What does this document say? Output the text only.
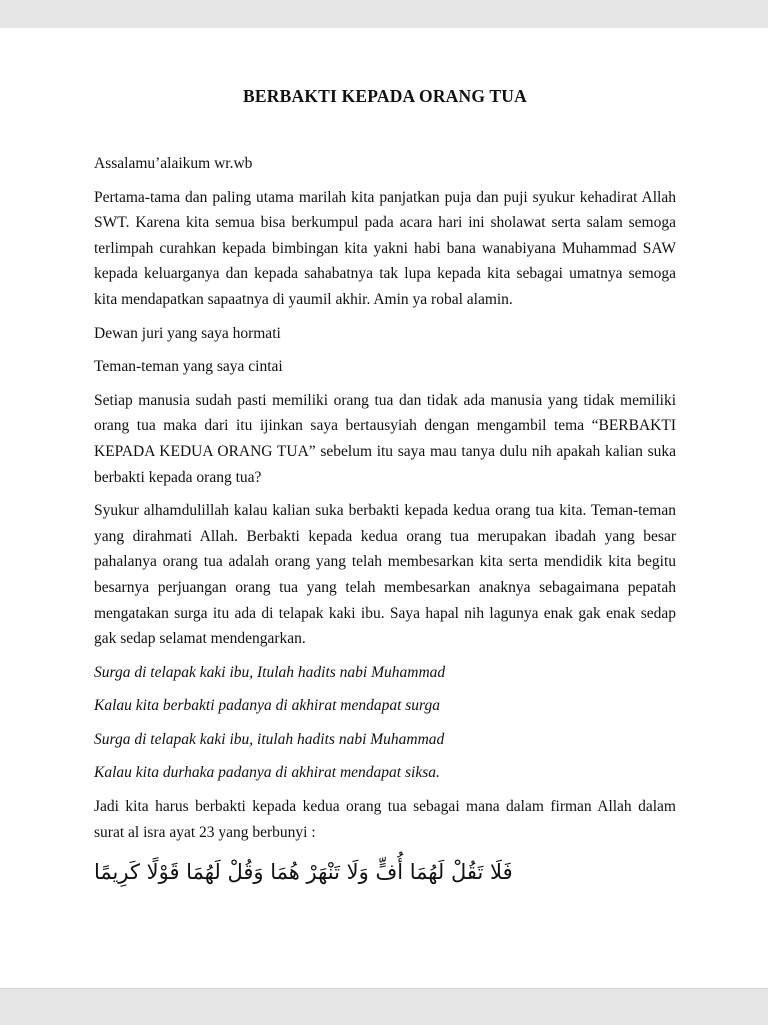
BERBAKTI KEPADA ORANG TUA

Assalamu’alaikum wr.wb

Pertama-tama dan paling utama marilah kita panjatkan puja dan puji syukur kehadirat Allah SWT. Karena kita semua bisa berkumpul pada acara hari ini sholawat serta salam semoga terlimpah curahkan kepada bimbingan kita yakni habi bana wanabiyana Muhammad SAW kepada keluarganya dan kepada sahabatnya tak lupa kepada kita sebagai umatnya semoga kita mendapatkan sapaatnya di yaumil akhir. Amin ya robal alamin.

Dewan juri yang saya hormati

Teman-teman yang saya cintai

Setiap manusia sudah pasti memiliki orang tua dan tidak ada manusia yang tidak memiliki orang tua maka dari itu ijinkan saya bertausyiah dengan mengambil tema “BERBAKTI KEPADA KEDUA ORANG TUA” sebelum itu saya mau tanya dulu nih apakah kalian suka berbakti kepada orang tua?

Syukur alhamdulillah kalau kalian suka berbakti kepada kedua orang tua kita. Teman-teman yang dirahmati Allah. Berbakti kepada kedua orang tua merupakan ibadah yang besar pahalanya orang tua adalah orang yang telah membesarkan kita serta mendidik kita begitu besarnya perjuangan orang tua yang telah membesarkan anaknya sebagaimana pepatah mengatakan surga itu ada di telapak kaki ibu. Saya hapal nih lagunya enak gak enak sedap gak sedap selamat mendengarkan.

Surga di telapak kaki ibu, Itulah hadits nabi Muhammad

Kalau kita berbakti padanya di akhirat mendapat surga

Surga di telapak kaki ibu, itulah hadits nabi Muhammad

Kalau kita durhaka padanya di akhirat mendapat siksa.

Jadi kita harus berbakti kepada kedua orang tua sebagai mana dalam firman Allah dalam surat al isra ayat 23 yang berbunyi :

فَلَا تَقُلْ لَهُمَا أُفٍّ وَلَا تَنْهَرْ هُمَا وَقُلْ لَهُمَا قَوْلًا كَرِيمًا
